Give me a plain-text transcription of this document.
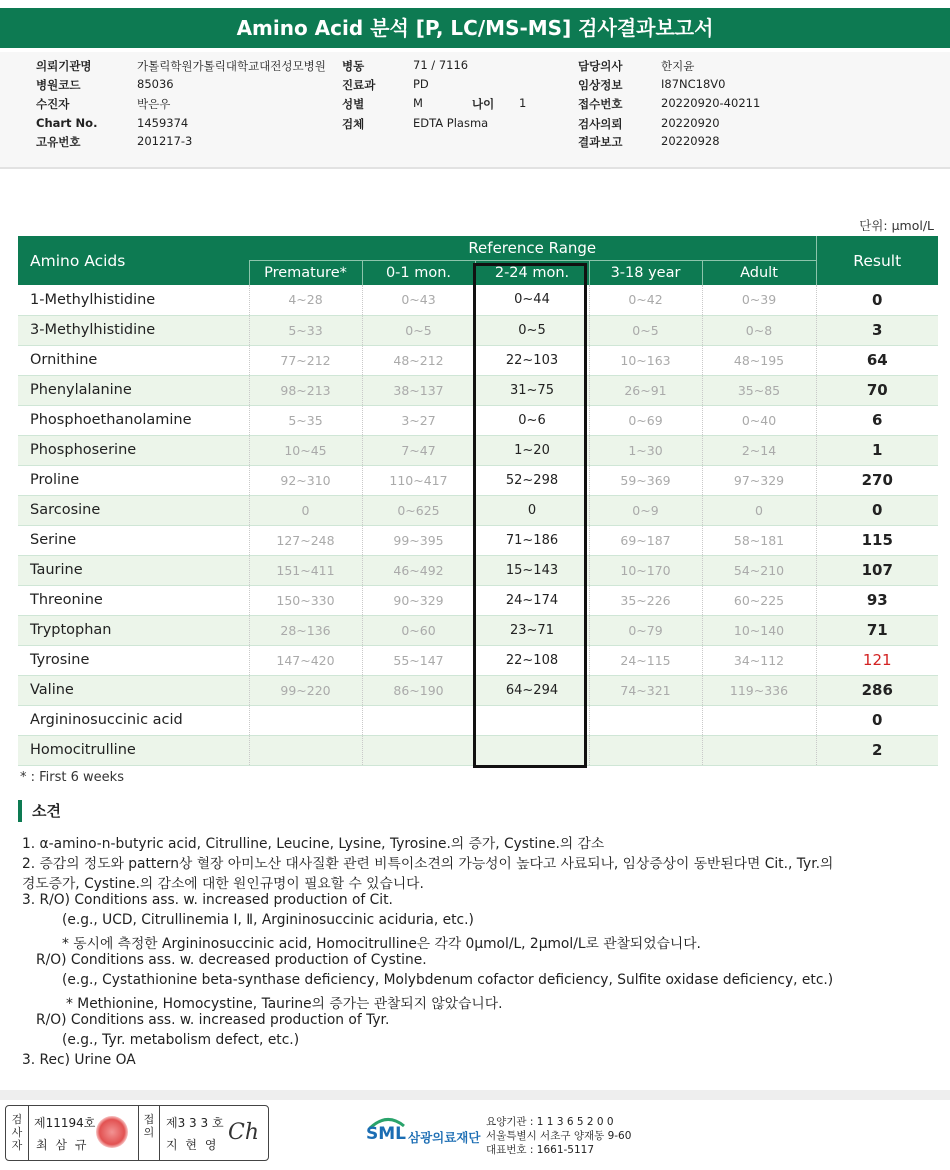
Amino Acid 분석 [P, LC/MS-MS] 검사결과보고서
의뢰기관명	가톨릭학원가톨릭대학교대전성모병원
병원코드	85036
수진자	박은우
Chart No.	1459374
고유번호	201217-3
병동	71 / 7116
진료과	PD
성별	M	나이 1
검체	EDTA Plasma
담당의사	한지윤
임상정보	I87NC18V0
접수번호	20220920-40211
검사의뢰	20220920
결과보고	20220928
단위: μmol/L
Amino Acids	Reference Range					Result
	Premature*	0-1 mon.	2-24 mon.	3-18 year	Adult	
1-Methylhistidine	4~28	0~43	0~44	0~42	0~39	0
3-Methylhistidine	5~33	0~5	0~5	0~5	0~8	3
Ornithine	77~212	48~212	22~103	10~163	48~195	64
Phenylalanine	98~213	38~137	31~75	26~91	35~85	70
Phosphoethanolamine	5~35	3~27	0~6	0~69	0~40	6
Phosphoserine	10~45	7~47	1~20	1~30	2~14	1
Proline	92~310	110~417	52~298	59~369	97~329	270
Sarcosine	0	0~625	0	0~9	0	0
Serine	127~248	99~395	71~186	69~187	58~181	115
Taurine	151~411	46~492	15~143	10~170	54~210	107
Threonine	150~330	90~329	24~174	35~226	60~225	93
Tryptophan	28~136	0~60	23~71	0~79	10~140	71
Tyrosine	147~420	55~147	22~108	24~115	34~112	121
Valine	99~220	86~190	64~294	74~321	119~336	286
Argininosuccinic acid						0
Homocitrulline						2
* : First 6 weeks
소견
1. α-amino-n-butyric acid, Citrulline, Leucine, Lysine, Tyrosine.의 증가, Cystine.의 감소
2. 증감의 정도와 pattern상 혈장 아미노산 대사질환 관련 비특이소견의 가능성이 높다고 사료되나, 임상증상이 동반된다면 Cit., Tyr.의
경도증가, Cystine.의 감소에 대한 원인규명이 필요할 수 있습니다.
3. R/O) Conditions ass. w. increased production of Cit.
(e.g., UCD, Citrullinemia Ⅰ, Ⅱ, Argininosuccinic aciduria, etc.)
* 동시에 측정한 Argininosuccinic acid, Homocitrulline은 각각 0μmol/L, 2μmol/L로 관찰되었습니다.
R/O) Conditions ass. w. decreased production of Cystine.
(e.g., Cystathionine beta-synthase deficiency, Molybdenum cofactor deficiency, Sulfite oxidase deficiency, etc.)
* Methionine, Homocystine, Taurine의 증가는 관찰되지 않았습니다.
R/O) Conditions ass. w. increased production of Tyr.
(e.g., Tyr. metabolism defect, etc.)
3. Rec) Urine OA
검사자
제11194호
최 삼 규
접의
제3 3 3 호
지 현 영 Ch	SML 삼광의료재단
요양기관 : 1 1 3 6 5 2 0 0
서울특별시 서초구 양재동 9-60
대표번호 : 1661-5117
